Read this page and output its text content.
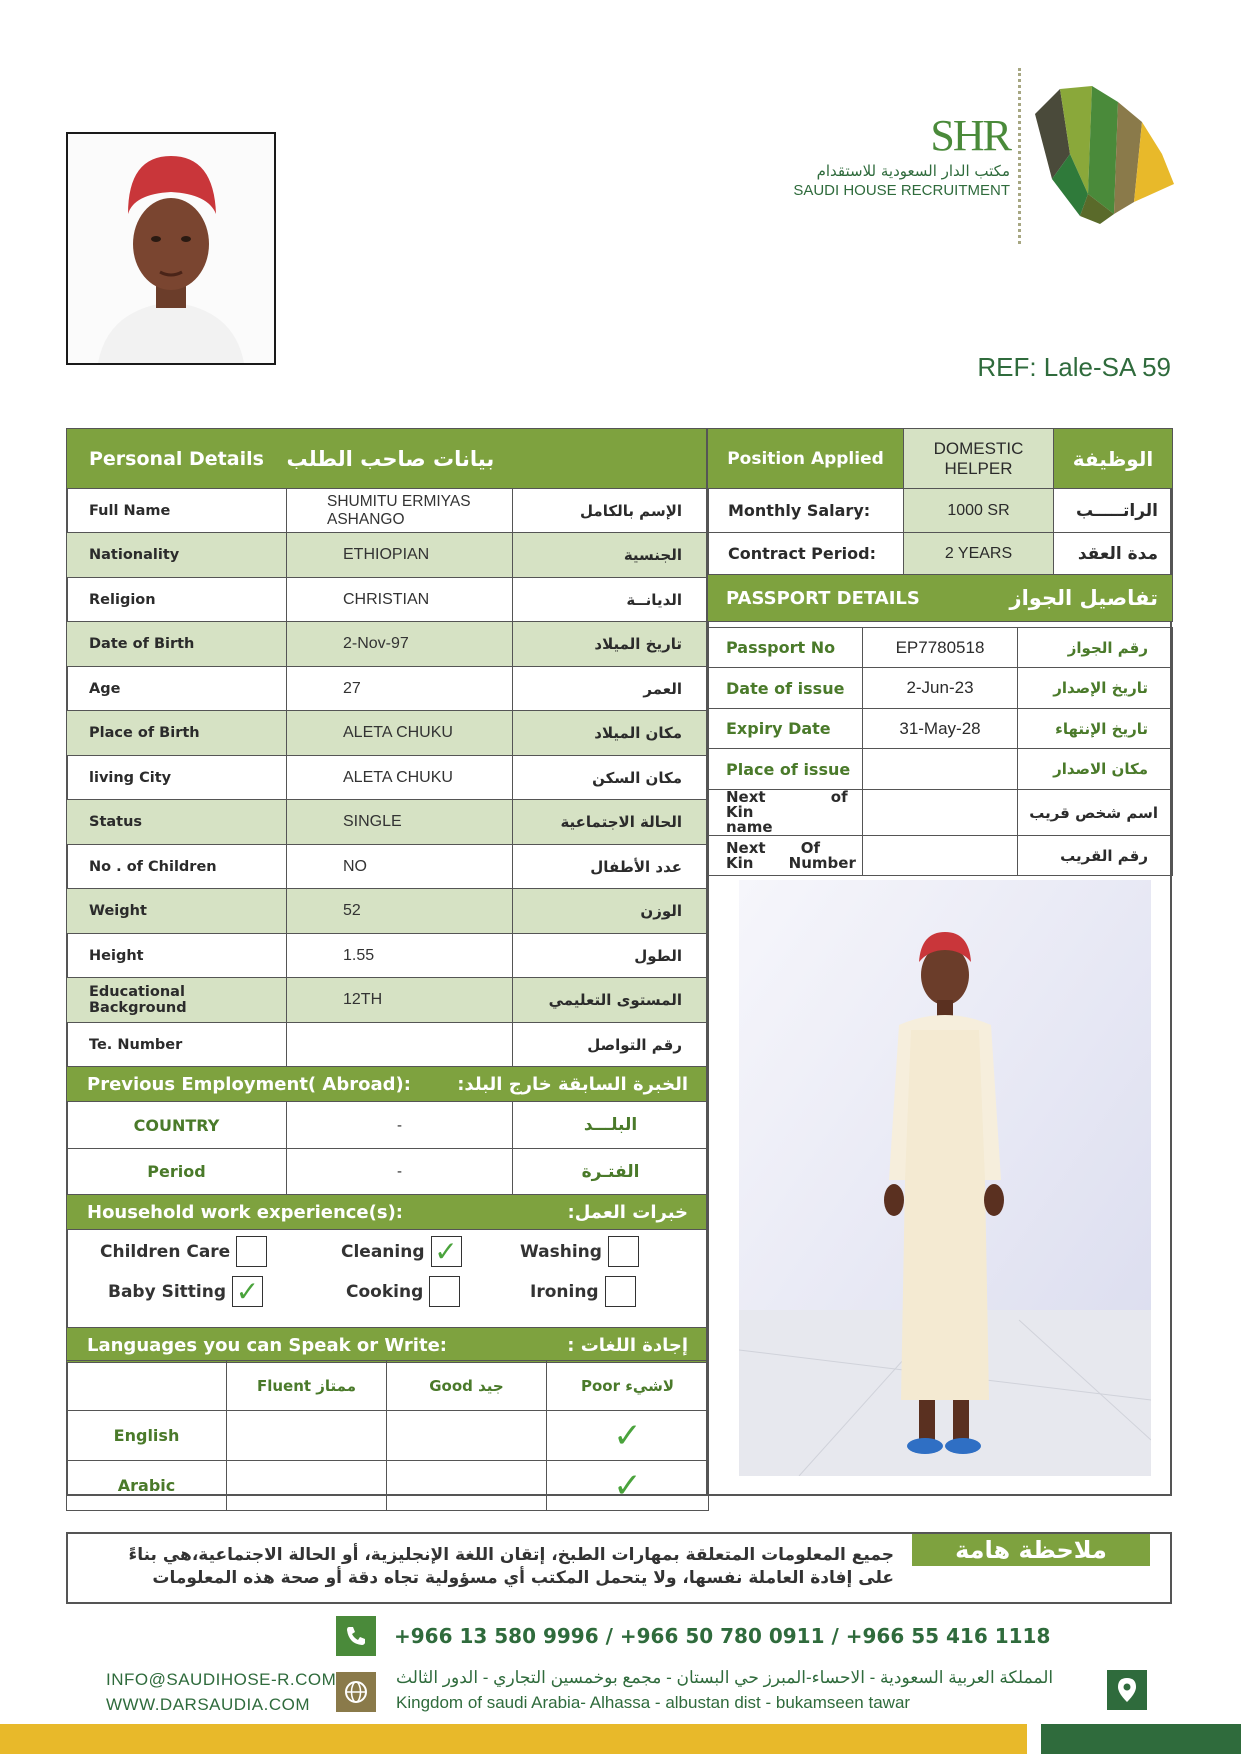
SHR
مكتب الدار السعودية للاستقدام
SAUDI HOUSE RECRUITMENT
REF: Lale-SA 59
Personal Details	بيانات صاحب الطلب	
Full Name	SHUMITU ERMIYAS ASHANGO	الإسم بالكامل
Nationality	ETHIOPIAN	الجنسية
Religion	CHRISTIAN	الديانــة
Date of Birth	2-Nov-97	تاريخ الميلاد
Age	27	العمر
Place of Birth	ALETA CHUKU	مكان الميلاد
living City	ALETA CHUKU	مكان السكن
Status	SINGLE	الحالة الاجتماعية
No . of Children	NO	عدد الأطفال
Weight	52	الوزن
Height	1.55	الطول
Educational Background	12TH	المستوى التعليمي
Te. Number		رقم التواصل

Previous Employment( Abroad): الخبرة السابقة خارج البلد:		

COUNTRY	-	البلـــد
Period	-	الفتـرة

Household work experience(s): خبرات العمل:		

Languages you can Speak or Write: إجادة اللغات :		
Children Care	Cleaning ✓	Washing
Baby Sitting ✓	Cooking	Ironing
	Fluent ممتاز	Good جيد	Poor لاشيء
English			✓
Arabic			✓
Position Applied	DOMESTIC HELPER	الوظيفة
Monthly Salary:	1000 SR	الراتـــــب
Contract Period:	2 YEARS	مدة العقد

PASSPORT DETAILS تفاصيل الجواز		
Passport No	EP7780518	رقم الجواز
Date of issue	2-Jun-23	تاريخ الإصدار
Expiry Date	31-May-28	تاريخ الإنتهاء
Place of issue		مكان الاصدار
Next of Kin name		اسم شخص قريب
Next Of Kin Number		رقم القريب
ملاحظة هامة
جميع المعلومات المتعلقة بمهارات الطبخ، إتقان اللغة الإنجليزية، أو الحالة الاجتماعية،هي بناءً
على إفادة العاملة نفسها، ولا يتحمل المكتب أي مسؤولية تجاه دقة أو صحة هذه المعلومات
+966 13 580 9996 / +966 50 780 0911 / +966 55 416 1118
INFO@SAUDIHOSE-R.COM
WWW.DARSAUDIA.COM
المملكة العربية السعودية - الاحساء-المبرز حي البستان - مجمع بوخمسين التجاري - الدور الثالث
Kingdom of saudi Arabia- Alhassa - albustan dist - bukamseen tawar
